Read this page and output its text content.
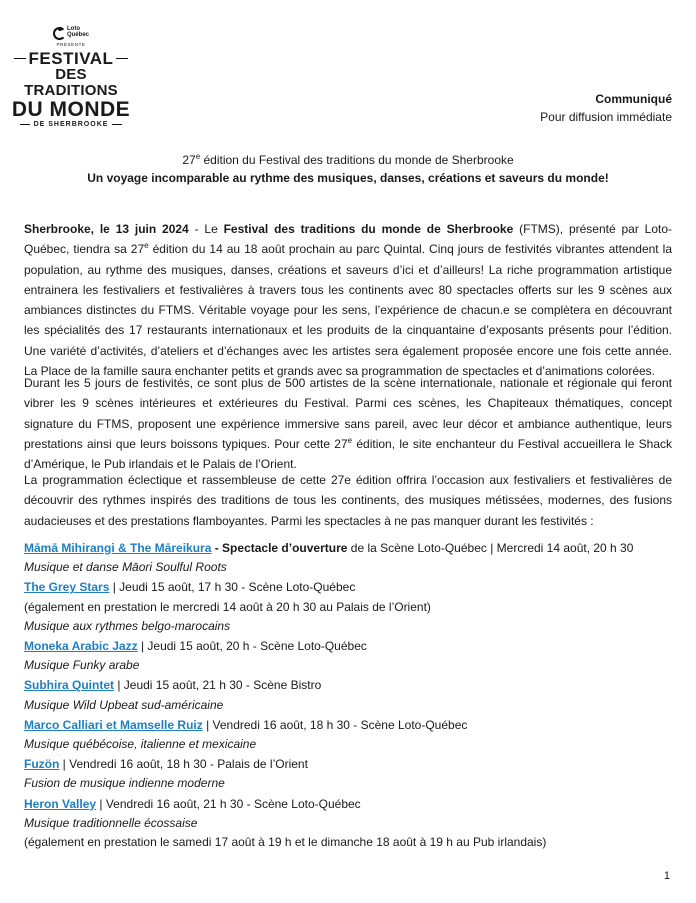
Loto
Québec
PRÉSENTE
FESTIVAL
DES TRADITIONS
DU MONDE
DE SHERBROOKE
Communiqué
Pour diffusion immédiate
27e édition du Festival des traditions du monde de Sherbrooke
Un voyage incomparable au rythme des musiques, danses, créations et saveurs du monde!
Sherbrooke, le 13 juin 2024 - Le Festival des traditions du monde de Sherbrooke (FTMS), présenté par Loto-Québec, tiendra sa 27e édition du 14 au 18 août prochain au parc Quintal. Cinq jours de festivités vibrantes attendent la population, au rythme des musiques, danses, créations et saveurs d’ici et d’ailleurs! La riche programmation artistique entrainera les festivaliers et festivalières à travers tous les continents avec 80 spectacles offerts sur les 9 scènes aux ambiances distinctes du FTMS. Véritable voyage pour les sens, l’expérience de chacun.e se complètera en découvrant les spécialités des 17 restaurants internationaux et les produits de la cinquantaine d’exposants présents pour l’édition. Une variété d’activités, d’ateliers et d’échanges avec les artistes sera également proposée encore une fois cette année. La Place de la famille saura enchanter petits et grands avec sa programmation de spectacles et d’animations colorées.
Durant les 5 jours de festivités, ce sont plus de 500 artistes de la scène internationale, nationale et régionale qui feront vibrer les 9 scènes intérieures et extérieures du Festival. Parmi ces scènes, les Chapiteaux thématiques, concept signature du FTMS, proposent une expérience immersive sans pareil, avec leur décor et ambiance authentique, leurs prestations ainsi que leurs boissons typiques. Pour cette 27e édition, le site enchanteur du Festival accueillera le Shack d’Amérique, le Pub irlandais et le Palais de l’Orient.
La programmation éclectique et rassembleuse de cette 27e édition offrira l’occasion aux festivaliers et festivalières de découvrir des rythmes inspirés des traditions de tous les continents, des musiques métissées, modernes, des fusions audacieuses et des prestations flamboyantes. Parmi les spectacles à ne pas manquer durant les festivités :
Māmā Mihirangi & The Māreikura - Spectacle d’ouverture de la Scène Loto-Québec | Mercredi 14 août, 20 h 30
Musique et danse Māori Soulful Roots
The Grey Stars | Jeudi 15 août, 17 h 30 - Scène Loto-Québec
(également en prestation le mercredi 14 août à 20 h 30 au Palais de l’Orient)
Musique aux rythmes belgo-marocains
Moneka Arabic Jazz | Jeudi 15 août, 20 h - Scène Loto-Québec
Musique Funky arabe
Subhira Quintet | Jeudi 15 août, 21 h 30 - Scène Bistro
Musique Wild Upbeat sud-américaine
Marco Calliari et Mamselle Ruiz | Vendredi 16 août, 18 h 30 - Scène Loto-Québec
Musique québécoise, italienne et mexicaine
Fuzön | Vendredi 16 août, 18 h 30 - Palais de l’Orient
Fusion de musique indienne moderne
Heron Valley | Vendredi 16 août, 21 h 30 - Scène Loto-Québec
Musique traditionnelle écossaise
(également en prestation le samedi 17 août à 19 h et le dimanche 18 août à 19 h au Pub irlandais)
1
